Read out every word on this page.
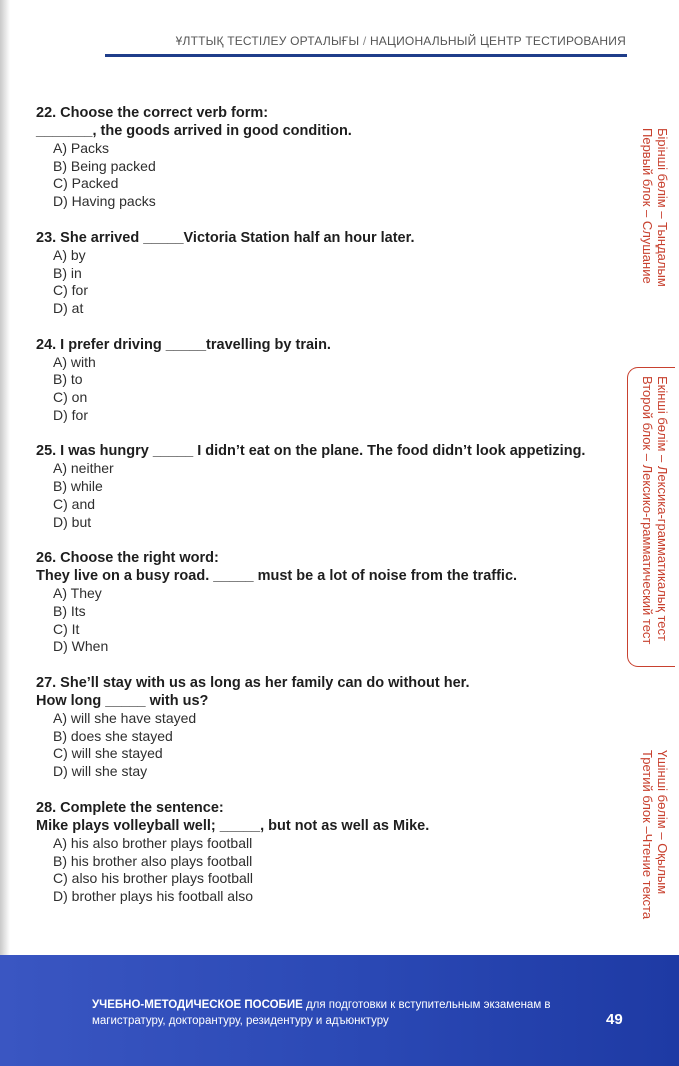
ҰЛТТЫҚ ТЕСТІЛЕУ ОРТАЛЫҒЫ / НАЦИОНАЛЬНЫЙ ЦЕНТР ТЕСТИРОВАНИЯ
22. Choose the correct verb form:
_______, the goods arrived in good condition.
A) Packs
B) Being packed
C) Packed
D) Having packs
23. She arrived _____Victoria Station half an hour later.
A) by
B) in
C) for
D) at
24. I prefer driving _____travelling by train.
A) with
B) to
C) on
D) for
25. I was hungry _____ I didn’t eat on the plane. The food didn’t look appetizing.
A) neither
B) while
C) and
D) but
26. Choose the right word:
They live on a busy road. _____ must be a lot of noise from the traffic.
A) They
B) Its
C) It
D) When
27. She’ll stay with us as long as her family can do without her.
How long _____ with us?
A) will she have stayed
B) does she stayed
C) will she stayed
D) will she stay
28. Complete the sentence:
Mike plays volleyball well; _____, but not as well as Mike.
A) his also brother plays football
B) his brother also plays football
C) also his brother plays football
D) brother plays his football also
Бірінші бөлім – Тыңдалым
Первый блок – Слушание
Екінші бөлім – Лексика-грамматикалық тест
Второй блок – Лексико-грамматический тест
Үшінші бөлім – Оқылым
Третий блок –Чтение текста
УЧЕБНО-МЕТОДИЧЕСКОЕ ПОСОБИЕ для подготовки к вступительным экзаменам в магистратуру, докторантуру, резидентуру и адъюнктуру	49
